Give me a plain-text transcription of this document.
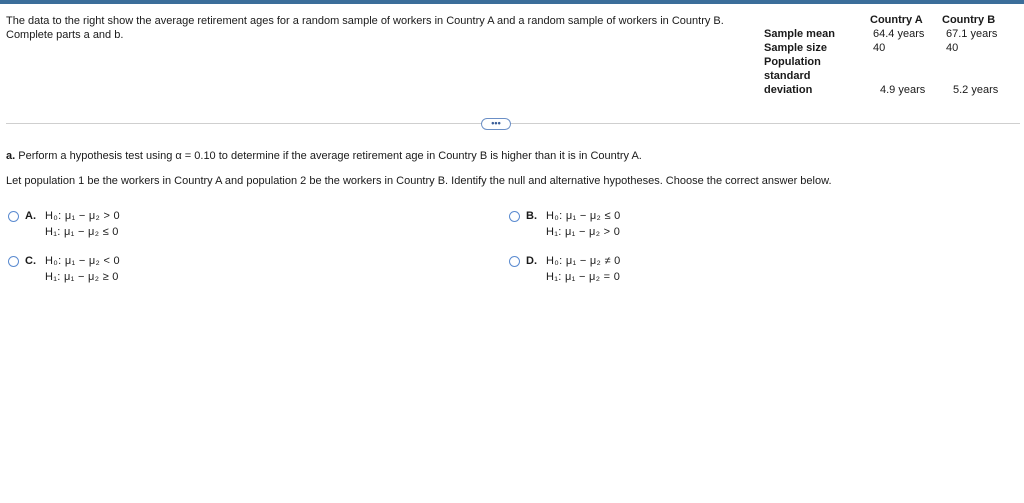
The data to the right show the average retirement ages for a random sample of workers in Country A and a random sample of workers in Country B. Complete parts a and b.
Country A Country B
Sample mean	64.4 years 67.1 years
Sample size	40	40
Population standard deviation	4.9 years	5.2 years
•••
a. Perform a hypothesis test using α = 0.10 to determine if the average retirement age in Country B is higher than it is in Country A.
Let population 1 be the workers in Country A and population 2 be the workers in Country B. Identify the null and alternative hypotheses. Choose the correct answer below.
A. H₀: μ₁ − μ₂ > 0
H₁: μ₁ − μ₂ ≤ 0
B. H₀: μ₁ − μ₂ ≤ 0
H₁: μ₁ − μ₂ > 0
C. H₀: μ₁ − μ₂ < 0
H₁: μ₁ − μ₂ ≥ 0
D. H₀: μ₁ − μ₂ ≠ 0
H₁: μ₁ − μ₂ = 0
